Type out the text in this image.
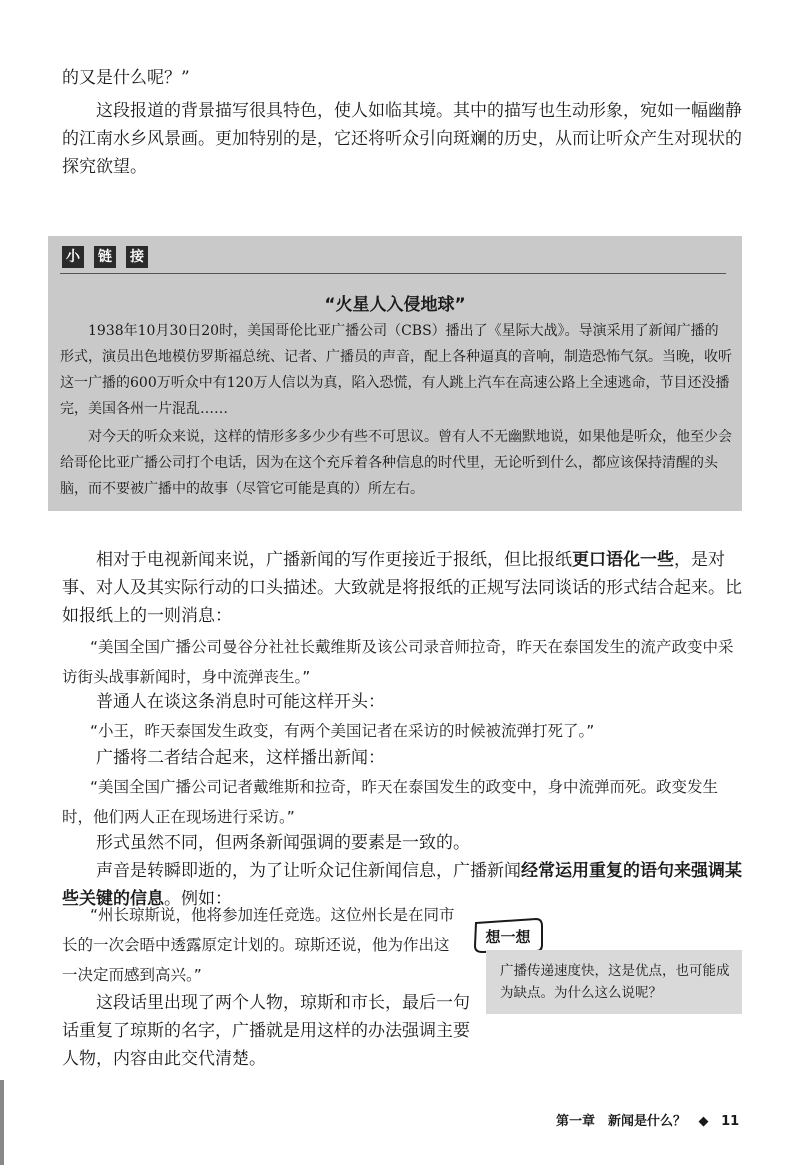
的又是什么呢？”

这段报道的背景描写很具特色，使人如临其境。其中的描写也生动形象，宛如一幅幽静的江南水乡风景画。更加特别的是，它还将听众引向斑斓的历史，从而让听众产生对现状的探究欲望。

小 链 接
“火星人入侵地球”

1938年10月30日20时，美国哥伦比亚广播公司（CBS）播出了《星际大战》。导演采用了新闻广播的形式，演员出色地模仿罗斯福总统、记者、广播员的声音，配上各种逼真的音响，制造恐怖气氛。当晚，收听这一广播的600万听众中有120万人信以为真，陷入恐慌，有人跳上汽车在高速公路上全速逃命，节目还没播完，美国各州一片混乱……

对今天的听众来说，这样的情形多多少少有些不可思议。曾有人不无幽默地说，如果他是听众，他至少会给哥伦比亚广播公司打个电话，因为在这个充斥着各种信息的时代里，无论听到什么，都应该保持清醒的头脑，而不要被广播中的故事（尽管它可能是真的）所左右。

相对于电视新闻来说，广播新闻的写作更接近于报纸，但比报纸更口语化一些，是对事、对人及其实际行动的口头描述。大致就是将报纸的正规写法同谈话的形式结合起来。比如报纸上的一则消息：

“美国全国广播公司曼谷分社社长戴维斯及该公司录音师拉奇，昨天在泰国发生的流产政变中采访街头战事新闻时，身中流弹丧生。”

普通人在谈这条消息时可能这样开头：

“小王，昨天泰国发生政变，有两个美国记者在采访的时候被流弹打死了。”

广播将二者结合起来，这样播出新闻：

“美国全国广播公司记者戴维斯和拉奇，昨天在泰国发生的政变中，身中流弹而死。政变发生时，他们两人正在现场进行采访。”

形式虽然不同，但两条新闻强调的要素是一致的。

声音是转瞬即逝的，为了让听众记住新闻信息，广播新闻经常运用重复的语句来强调某些关键的信息。例如：

“州长琼斯说，他将参加连任竞选。这位州长是在同市长的一次会晤中透露原定计划的。琼斯还说，他为作出这一决定而感到高兴。”

这段话里出现了两个人物，琼斯和市长，最后一句话重复了琼斯的名字，广播就是用这样的办法强调主要人物，内容由此交代清楚。

想一想

广播传递速度快，这是优点，也可能成为缺点。为什么这么说呢？

第一章　新闻是什么？ ◆ 11
